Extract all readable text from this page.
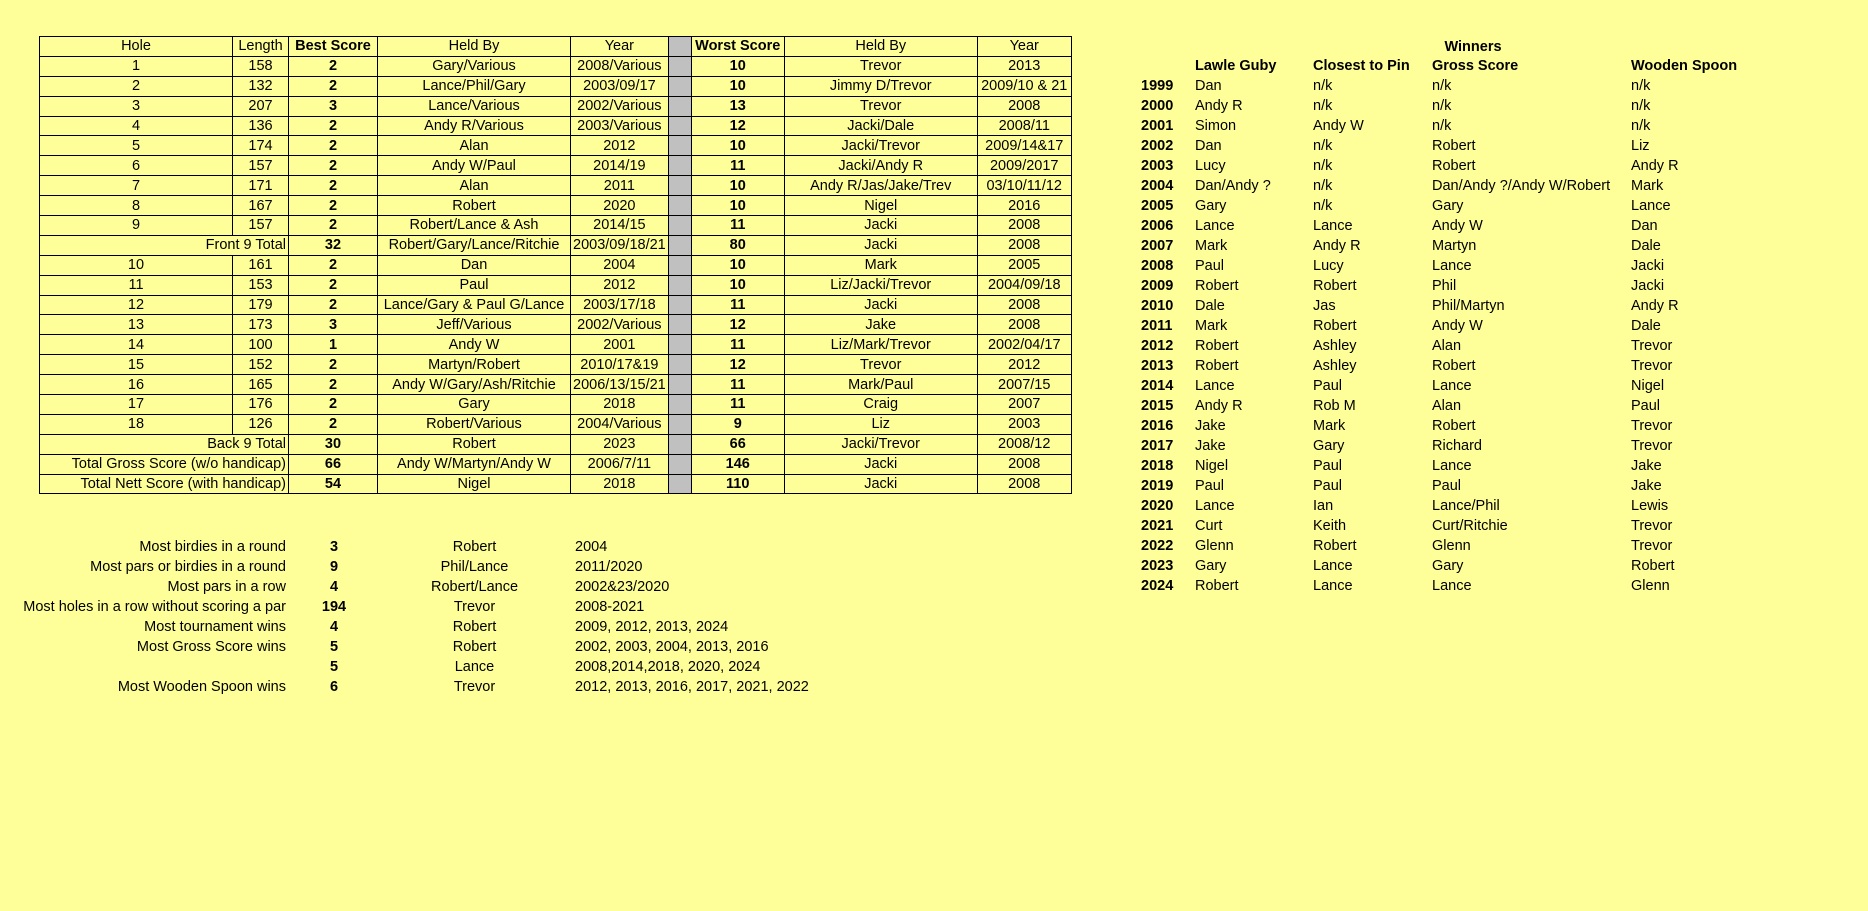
Hole	Length	Best Score	Held By	Year		Worst Score	Held By	Year
1	158	2	Gary/Various	2008/Various		10	Trevor	2013
2	132	2	Lance/Phil/Gary	2003/09/17		10	Jimmy D/Trevor	2009/10 & 21
3	207	3	Lance/Various	2002/Various		13	Trevor	2008
4	136	2	Andy R/Various	2003/Various		12	Jacki/Dale	2008/11
5	174	2	Alan	2012		10	Jacki/Trevor	2009/14&17
6	157	2	Andy W/Paul	2014/19		11	Jacki/Andy R	2009/2017
7	171	2	Alan	2011		10	Andy R/Jas/Jake/Trev	03/10/11/12
8	167	2	Robert	2020		10	Nigel	2016
9	157	2	Robert/Lance & Ash	2014/15		11	Jacki	2008
Front 9 Total		32	Robert/Gary/Lance/Ritchie	2003/09/18/21		80	Jacki	2008
10	161	2	Dan	2004		10	Mark	2005
11	153	2	Paul	2012		10	Liz/Jacki/Trevor	2004/09/18
12	179	2	Lance/Gary & Paul G/Lance	2003/17/18		11	Jacki	2008
13	173	3	Jeff/Various	2002/Various		12	Jake	2008
14	100	1	Andy W	2001		11	Liz/Mark/Trevor	2002/04/17
15	152	2	Martyn/Robert	2010/17&19		12	Trevor	2012
16	165	2	Andy W/Gary/Ash/Ritchie	2006/13/15/21		11	Mark/Paul	2007/15
17	176	2	Gary	2018		11	Craig	2007
18	126	2	Robert/Various	2004/Various		9	Liz	2003
Back 9 Total		30	Robert	2023		66	Jacki/Trevor	2008/12
Total Gross Score (w/o handicap)		66	Andy W/Martyn/Andy W	2006/7/11		146	Jacki	2008
Total Nett Score (with handicap)		54	Nigel	2018		110	Jacki	2008
Most birdies in a round	3	Robert	2004
Most pars or birdies in a round	9	Phil/Lance	2011/2020
Most pars in a row	4	Robert/Lance	2002&23/2020
Most holes in a row without scoring a par	194	Trevor	2008-2021
Most tournament wins	4	Robert	2009, 2012, 2013, 2024
Most Gross Score wins	5	Robert	2002, 2003, 2004, 2013, 2016
	5	Lance	2008,2014,2018, 2020, 2024
Most Wooden Spoon wins	6	Trevor	2012, 2013, 2016, 2017, 2021, 2022
Winners
	Lawle Guby	Closest to Pin	Gross Score	Wooden Spoon
1999	Dan	n/k	n/k	n/k
2000	Andy R	n/k	n/k	n/k
2001	Simon	Andy W	n/k	n/k
2002	Dan	n/k	Robert	Liz
2003	Lucy	n/k	Robert	Andy R
2004	Dan/Andy ?	n/k	Dan/Andy ?/Andy W/Robert	Mark
2005	Gary	n/k	Gary	Lance
2006	Lance	Lance	Andy W	Dan
2007	Mark	Andy R	Martyn	Dale
2008	Paul	Lucy	Lance	Jacki
2009	Robert	Robert	Phil	Jacki
2010	Dale	Jas	Phil/Martyn	Andy R
2011	Mark	Robert	Andy W	Dale
2012	Robert	Ashley	Alan	Trevor
2013	Robert	Ashley	Robert	Trevor
2014	Lance	Paul	Lance	Nigel
2015	Andy R	Rob M	Alan	Paul
2016	Jake	Mark	Robert	Trevor
2017	Jake	Gary	Richard	Trevor
2018	Nigel	Paul	Lance	Jake
2019	Paul	Paul	Paul	Jake
2020	Lance	Ian	Lance/Phil	Lewis
2021	Curt	Keith	Curt/Ritchie	Trevor
2022	Glenn	Robert	Glenn	Trevor
2023	Gary	Lance	Gary	Robert
2024	Robert	Lance	Lance	Glenn
